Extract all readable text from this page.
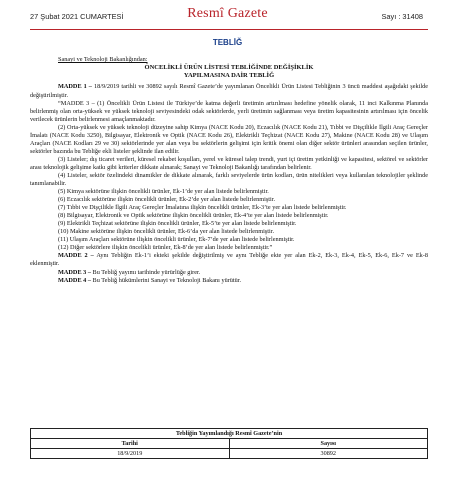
27 Şubat 2021 CUMARTESİ	Resmî Gazete	Sayı : 31408
TEBLİĞ
Sanayi ve Teknoloji Bakanlığından:
ÖNCELİKLİ ÜRÜN LİSTESİ TEBLİĞİNDE DEĞİŞİKLİK
YAPILMASINA DAİR TEBLİĞ

MADDE 1 – 18/9/2019 tarihli ve 30892 sayılı Resmî Gazete’de yayımlanan Öncelikli Ürün Listesi Tebliğinin 3 üncü maddesi aşağıdaki şekilde değiştirilmiştir.

“MADDE 3 – (1) Öncelikli Ürün Listesi ile Türkiye’de katma değerli üretimin artırılması hedefine yönelik olarak, 11 inci Kalkınma Planında belirlenmiş olan orta-yüksek ve yüksek teknoloji seviyesindeki odak sektörlerde, yerli üretimin sağlanması veya üretim kapasitesinin artırılması için öncelik verilecek ürünlerin belirlenmesi amaçlanmaktadır.

(2) Orta-yüksek ve yüksek teknoloji düzeyine sahip Kimya (NACE Kodu 20), Eczacılık (NACE Kodu 21), Tıbbi ve Dişçilikle İlgili Araç Gereçler İmalatı (NACE Kodu 3250), Bilgisayar, Elektronik ve Optik (NACE Kodu 26), Elektrikli Teçhizat (NACE Kodu 27), Makine (NACE Kodu 28) ve Ulaşım Araçları (NACE Kodları 29 ve 30) sektörlerinde yer alan veya bu sektörlerin gelişimi için kritik önemi olan diğer sektör ürünleri arasından seçilen ürünler, sektörler bazında bu Tebliğe ekli listeler şeklinde ilan edilir.

(3) Listeler; dış ticaret verileri, küresel rekabet koşulları, yerel ve küresel talep trendi, yurt içi üretim yetkinliği ve kapasitesi, sektörel ve sektörler arası teknolojik gelişime katkı gibi kriterler dikkate alınarak; Sanayi ve Teknoloji Bakanlığı tarafından belirlenir.

(4) Listeler, sektör özelindeki dinamikler de dikkate alınarak, farklı seviyelerde ürün kodları, ürün nitelikleri veya kullanılan teknolojiler şeklinde tanımlanabilir.

(5) Kimya sektörüne ilişkin öncelikli ürünler, Ek-1’de yer alan listede belirlenmiştir.

(6) Eczacılık sektörüne ilişkin öncelikli ürünler, Ek-2’de yer alan listede belirlenmiştir.

(7) Tıbbi ve Dişçilikle İlgili Araç Gereçler İmalatına ilişkin öncelikli ürünler, Ek-3’te yer alan listede belirlenmiştir.

(8) Bilgisayar, Elektronik ve Optik sektörüne ilişkin öncelikli ürünler, Ek-4’te yer alan listede belirlenmiştir.

(9) Elektrikli Teçhizat sektörüne ilişkin öncelikli ürünler, Ek-5’te yer alan listede belirlenmiştir.

(10) Makine sektörüne ilişkin öncelikli ürünler, Ek-6’da yer alan listede belirlenmiştir.

(11) Ulaşım Araçları sektörüne ilişkin öncelikli ürünler, Ek-7’de yer alan listede belirlenmiştir.

(12) Diğer sektörlere ilişkin öncelikli ürünler, Ek-8’de yer alan listede belirlenmiştir.”

MADDE 2 – Aynı Tebliğin Ek-1’i ekteki şekilde değiştirilmiş ve aynı Tebliğe ekte yer alan Ek-2, Ek-3, Ek-4, Ek-5, Ek-6, Ek-7 ve Ek-8 eklenmiştir.

MADDE 3 – Bu Tebliğ yayımı tarihinde yürürlüğe girer.

MADDE 4 – Bu Tebliğ hükümlerini Sanayi ve Teknoloji Bakanı yürütür.

Tebliğin Yayımlandığı Resmî Gazete’nin	
Tarihi	Sayısı
18/9/2019	30892
